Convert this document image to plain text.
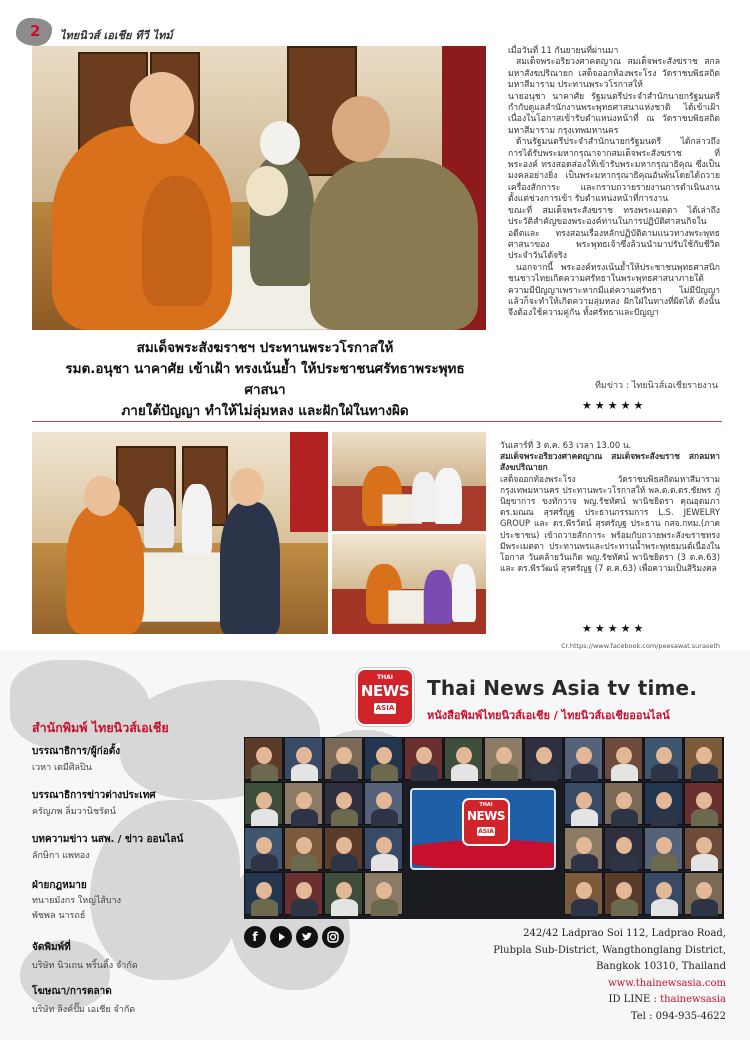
2 ไทยนิวส์ เอเชีย ทีวี ไทม์

เมื่อวันที่ 11 กันยายนที่ผ่านมา

สมเด็จพระอริยวงศาคตญาณ สมเด็จพระสังฆราช สกลมหาสังฆปริณายก เสด็จออกท้องพระโรง วัดราชบพิธสถิตมหาสีมาราม ประทานพระวโรกาสให้

นายอนุชา นาคาศัย รัฐมนตรีประจำสำนักนายกรัฐมนตรี กำกับดูแลสำนักงานพระพุทธศาสนาแห่งชาติ ได้เข้าเฝ้า เนื่องในโอกาสเข้ารับตำแหน่งหน้าที่ ณ วัดราชบพิธสถิต มหาสีมาราม กรุงเทพมหานคร

ด้านรัฐมนตรีประจำสำนักนายกรัฐมนตรี ได้กล่าวถึง การได้รับพระมหากรุณาจากสมเด็จพระสังฆราช ที่พระองค์ ทรงสอดส่องให้เข้ารับพระมหากรุณาธิคุณ ซึ่งเป็นมงคลอย่างยิ่ง เป็นพระมหากรุณาธิคุณอันพ้นโดยได้ถวายเครื่องสักการะ และกราบถวายรายงานการดำเนินงานตั้งแต่ช่วงการเข้า รับตำแหน่งหน้าที่การงาน

ขณะที่ สมเด็จพระสังฆราช ทรงพระเมตตา ได้เล่าถึง ประวัติสำคัญของพระองค์ท่านในการปฏิบัติศาสนกิจในอดีตและ ทรงสอนเรื่องหลักปฏิบัติตามแนวทางพระพุทธศาสนาของ พระพุทธเจ้าซึ่งล้วนนำมาปรับใช้กับชีวิตประจำวันได้จริง

นอกจากนี้ พระองค์ทรงเน้นย้ำให้ประชาชนพุทธศาสนิก ชนชาวไทยเกิดความศรัทธาในพระพุทธศาสนาภายใต้ ความมีปัญญาเพราะหากมีแต่ความศรัทธา ไม่มีปัญญา แล้วก็จะทำให้เกิดความลุ่มหลง ฝักใฝ่ในทางที่ผิดได้ ดังนั้นจึงต้องใช้ความคู่กัน ทั้งศรัทธาและปัญญา

สมเด็จพระสังฆราชฯ ประทานพระวโรกาสให้
รมต.อนุชา นาคาศัย เข้าเฝ้า ทรงเน้นย้ำ ให้ประชาชนศรัทธาพระพุทธศาสนา
ภายใต้ปัญญา ทำให้ไม่ลุ่มหลง และฝักใฝ่ในทางผิด
ทีมข่าว : ไทยนิวส์เอเชียรายงาน
★★★★★

วันเสาร์ที่ 3 ต.ค. 63 เวลา 13.00 น.

สมเด็จพระอริยวงศาคตญาณ สมเด็จพระสังฆราช สกลมหาสังฆปริณายก

เสด็จออกท้องพระโรง วัดราชบพิธสถิตมหาสีมาราม กรุงเทพมหานคร ประทานพระวโรกาสให้ พล.ต.ต.ดร.ชัยพร ภู่นิยุขาการ ขงทักวาจ พญ.รัชทัศน์ พานิชยิตรา คุณอุดมภา ดร.มณณ สุรศรัญฐ ประธานกรรมการ L.S. JEWELRY GROUP และ ดร.พีรวัตน์ สุรศรัญฐ ประธาน กสจ.กทม.(ภาคประชาชน) เข้าถวายสักการะ พร้อมกับถวายพระสังฆราชทรงมีพระเมตตา ประทานพรและประทานน้ำพระพุทธมนต์เนื่องในโอกาส วันคล้ายวันเกิด พญ.รัชทัศน์ พานิชยิตรา (3 ต.ค.63) และ ดร.พีรวัฒน์ สุรศรัญฐ (7 ต.ค.63) เพื่อความเป็นสิริมงคล

★★★★★
Cr.https://www.facebook.com/peesawat.suraseth
THAI
NEWS
ASIA
Thai News Asia tv time.
หนังสือพิมพ์ไทยนิวส์เอเชีย / ไทยนิวส์เอเชียออนไลน์
สำนักพิมพ์ ไทยนิวส์เอเชีย
บรรณาธิการ/ผู้ก่อตั้ง
เวหา เตมีศิลปิน
บรรณาธิการข่าวต่างประเทศ
ครัญภพ ลิ่มวานิชรัตน์
บทความข่าว นสพ. / ข่าว ออนไลน์
ลักษิกา แพทอง
ฝ่ายกฎหมาย
ทนายมังกร ใหญ่ไส้บาง
พัชพล นารถธ์
จัดพิมพ์ที่
บริษัท นิวเถน พริ้นติ้ง จำกัด
โฆษณา/การตลาด
บริษัท ลิงค์ปั๊ม เอเชีย จำกัด
THAI
NEWS
ASIA
f	242/42 Ladprao Soi 112, Ladprao Road,
Plubpla Sub-District, Wangthonglang District,
Bangkok 10310, Thailand
www.thainewsasia.com
ID LINE : thainewsasia
Tel : 094-935-4622
